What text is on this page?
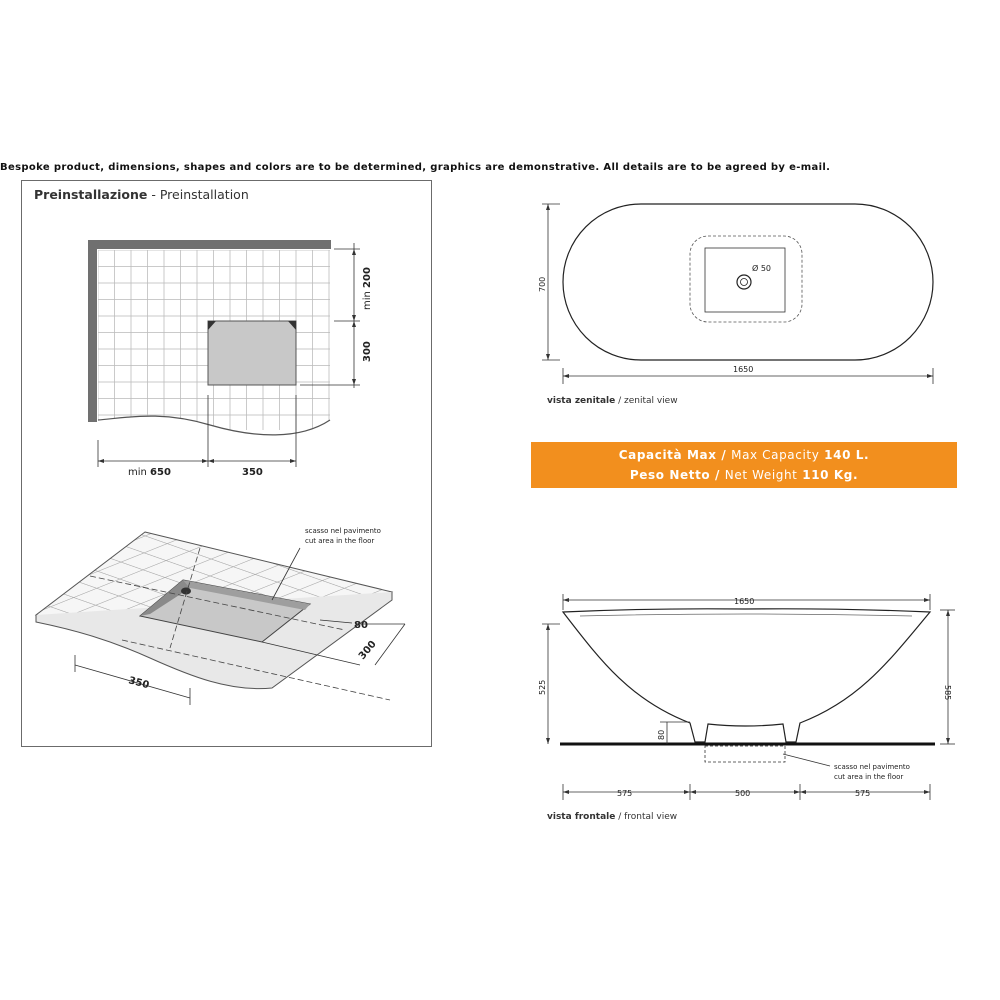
Bespoke product, dimensions, shapes and colors are to be determined, graphics are demonstrative. All details are to be agreed by e-mail.
Preinstallazione - Preinstallation
min 200
300
min 650	350
scasso nel pavimento
cut area in the floor
80
300
350
Ø 50
700
1650
1650
525	585
80
575	500	575
scasso nel pavimento
cut area in the floor
vista zenitale / zenital view
Capacità Max / Max Capacity 140 L.
Peso Netto / Net Weight 110 Kg.
vista frontale / frontal view
